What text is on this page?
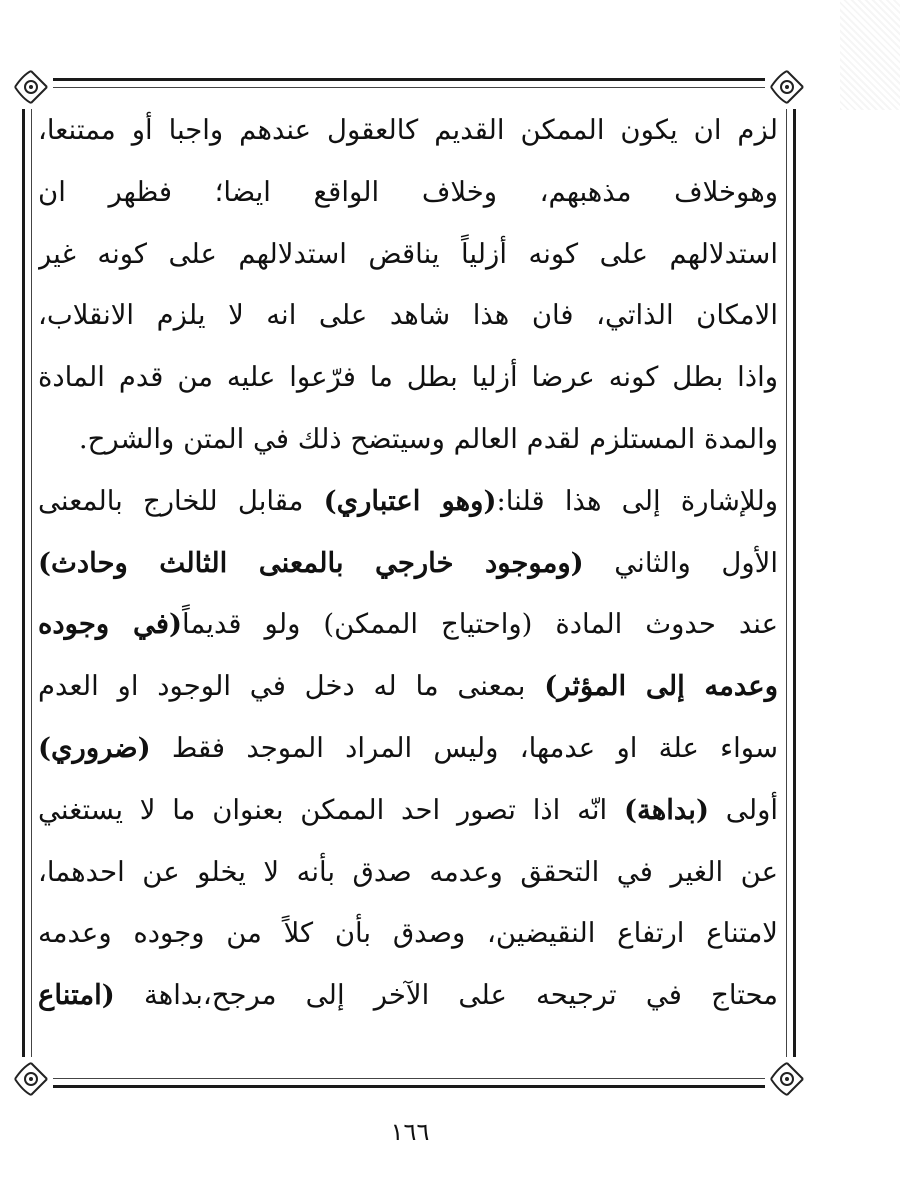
لزم ان يكون الممكن القديم كالعقول عندهم واجبا أو ممتنعا،
وهوخلاف مذهبهم، وخلاف الواقع ايضا؛ فظهر ان
استدلالهم على كونه أزلياً يناقض استدلالهم على كونه غير
الامكان الذاتي، فان هذا شاهد على انه لا يلزم الانقلاب،
واذا بطل كونه عرضا أزليا بطل ما فرّعوا عليه من قدم المادة
والمدة المستلزم لقدم العالم وسيتضح ذلك في المتن والشرح.
وللإشارة إلى هذا قلنا:(وهو اعتباري) مقابل للخارج بالمعنى
الأول والثاني (وموجود خارجي بالمعنى الثالث وحادث)
عند حدوث المادة (واحتياج الممكن) ولو قديماً(في وجوده
وعدمه إلى المؤثر) بمعنى ما له دخل في الوجود او العدم
سواء علة او عدمها، وليس المراد الموجد فقط (ضروري)
أولى (بداهة) انّه اذا تصور احد الممكن بعنوان ما لا يستغني
عن الغير في التحقق وعدمه صدق بأنه لا يخلو عن احدهما،
لامتناع ارتفاع النقيضين، وصدق بأن كلاً من وجوده وعدمه
محتاج في ترجيحه على الآخر إلى مرجح،بداهة (امتناع
١٦٦
